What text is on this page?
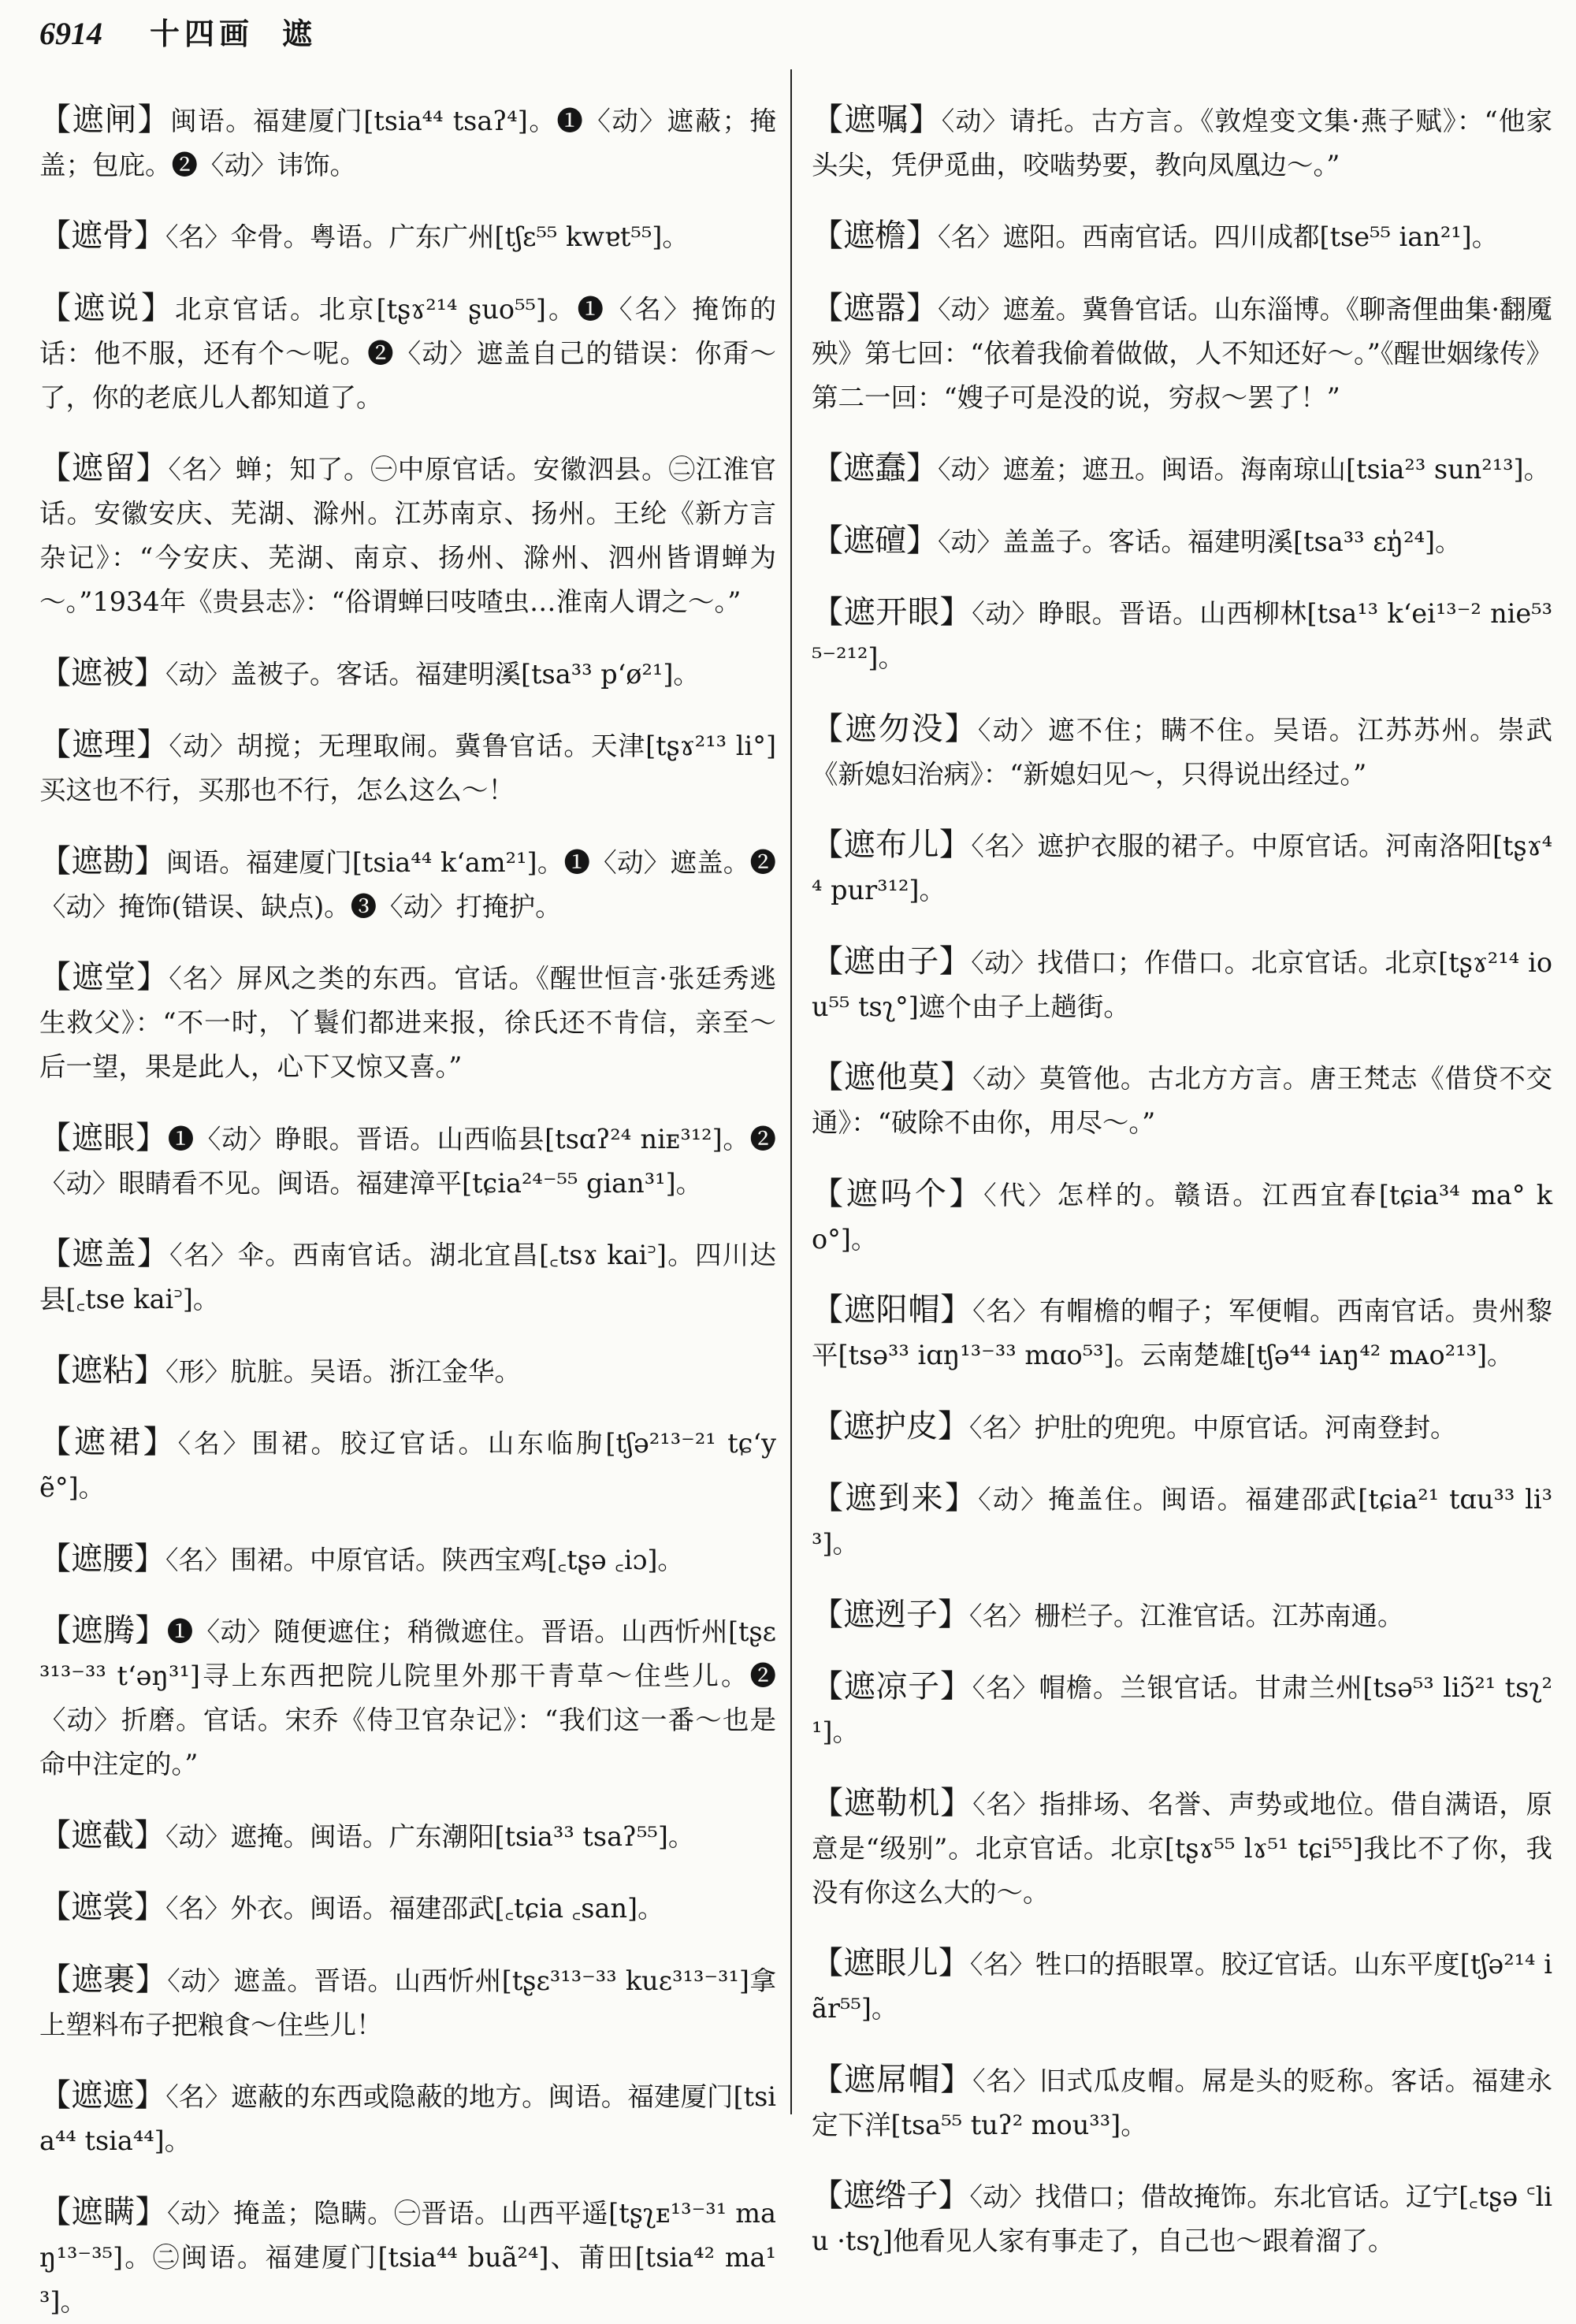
6914	十四画 遮

【遮闸】闽语。福建厦门[tsia⁴⁴ tsaʔ⁴]。❶〈动〉遮蔽；掩盖；包庇。❷〈动〉讳饰。

【遮骨】〈名〉伞骨。粤语。广东广州[tʃɛ⁵⁵ kwɐt⁵⁵]。

【遮说】北京官话。北京[tʂɤ²¹⁴ ʂuo⁵⁵]。❶〈名〉掩饰的话：他不服，还有个～呢。❷〈动〉遮盖自己的错误：你甭～了，你的老底儿人都知道了。

【遮留】〈名〉蝉；知了。㊀中原官话。安徽泗县。㊁江淮官话。安徽安庆、芜湖、滁州。江苏南京、扬州。王纶《新方言杂记》：“今安庆、芜湖、南京、扬州、滁州、泗州皆谓蝉为～。”1934年《贵县志》：“俗谓蝉曰吱喳虫…淮南人谓之～。”

【遮被】〈动〉盖被子。客话。福建明溪[tsa³³ pʻø²¹]。

【遮理】〈动〉胡搅；无理取闹。冀鲁官话。天津[tʂɤ²¹³ li°]买这也不行，买那也不行，怎么这么～！

【遮勘】闽语。福建厦门[tsia⁴⁴ kʻam²¹]。❶〈动〉遮盖。❷〈动〉掩饰(错误、缺点)。❸〈动〉打掩护。

【遮堂】〈名〉屏风之类的东西。官话。《醒世恒言·张廷秀逃生救父》：“不一时，丫鬟们都进来报，徐氏还不肯信，亲至～后一望，果是此人，心下又惊又喜。”

【遮眼】❶〈动〉睁眼。晋语。山西临县[tsɑʔ²⁴ niᴇ³¹²]。❷〈动〉眼睛看不见。闽语。福建漳平[tɕia²⁴⁻⁵⁵ gian³¹]。

【遮盖】〈名〉伞。西南官话。湖北宜昌[꜀tsɤ kai꜄]。四川达县[꜀tse kai꜄]。

【遮粘】〈形〉肮脏。吴语。浙江金华。

【遮裙】〈名〉围裙。胶辽官话。山东临朐[tʃə²¹³⁻²¹ tɕʻyẽ°]。

【遮腰】〈名〉围裙。中原官话。陕西宝鸡[꜀tʂə ꜀iɔ]。

【遮腾】❶〈动〉随便遮住；稍微遮住。晋语。山西忻州[tʂɛ³¹³⁻³³ tʻəŋ³¹]寻上东西把院儿院里外那干青草～住些儿。❷〈动〉折磨。官话。宋乔《侍卫官杂记》：“我们这一番～也是命中注定的。”

【遮截】〈动〉遮掩。闽语。广东潮阳[tsia³³ tsaʔ⁵⁵]。

【遮裳】〈名〉外衣。闽语。福建邵武[꜀tɕia ꜀san]。

【遮裹】〈动〉遮盖。晋语。山西忻州[tʂɛ³¹³⁻³³ kuɛ³¹³⁻³¹]拿上塑料布子把粮食～住些儿！

【遮遮】〈名〉遮蔽的东西或隐蔽的地方。闽语。福建厦门[tsia⁴⁴ tsia⁴⁴]。

【遮瞒】〈动〉掩盖；隐瞒。㊀晋语。山西平遥[tʂʅᴇ¹³⁻³¹ maŋ¹³⁻³⁵]。㊁闽语。福建厦门[tsia⁴⁴ buã²⁴]、莆田[tsia⁴² ma¹³]。

【遮嘱】〈动〉请托。古方言。《敦煌变文集·燕子赋》：“他家头尖，凭伊觅曲，咬啮势要，教向凤凰边～。”

【遮檐】〈名〉遮阳。西南官话。四川成都[tse⁵⁵ ian²¹]。

【遮嚣】〈动〉遮羞。冀鲁官话。山东淄博。《聊斋俚曲集·翻魇殃》第七回：“依着我偷着做做，人不知还好～。”《醒世姻缘传》第二一回：“嫂子可是没的说，穷叔～罢了！”

【遮蠢】〈动〉遮羞；遮丑。闽语。海南琼山[tsia²³ sun²¹³]。

【遮䃪】〈动〉盖盖子。客话。福建明溪[tsa³³ ɛŋ̍²⁴]。

【遮开眼】〈动〉睁眼。晋语。山西柳林[tsa¹³ kʻei¹³⁻² nie⁵³⁵⁻²¹²]。

【遮勿没】〈动〉遮不住；瞒不住。吴语。江苏苏州。崇武《新媳妇治病》：“新媳妇见～，只得说出经过。”

【遮布儿】〈名〉遮护衣服的裙子。中原官话。河南洛阳[tʂɤ⁴⁴ pur³¹²]。

【遮由子】〈动〉找借口；作借口。北京官话。北京[tʂɤ²¹⁴ iou⁵⁵ tsʅ°]遮个由子上趟街。

【遮他莫】〈动〉莫管他。古北方方言。唐王梵志《借贷不交通》：“破除不由你，用尽～。”

【遮吗个】〈代〉怎样的。赣语。江西宜春[tɕia³⁴ ma° ko°]。

【遮阳帽】〈名〉有帽檐的帽子；军便帽。西南官话。贵州黎平[tsə³³ iɑŋ¹³⁻³³ mɑo⁵³]。云南楚雄[tʃə⁴⁴ iᴀŋ⁴² mᴀo²¹³]。

【遮护皮】〈名〉护肚的兜兜。中原官话。河南登封。

【遮到来】〈动〉掩盖住。闽语。福建邵武[tɕia²¹ tɑu³³ li³³]。

【遮迾子】〈名〉栅栏子。江淮官话。江苏南通。

【遮凉子】〈名〉帽檐。兰银官话。甘肃兰州[tsə⁵³ liɔ̃²¹ tsʅ²¹]。

【遮勒机】〈名〉指排场、名誉、声势或地位。借自满语，原意是“级别”。北京官话。北京[tʂɤ⁵⁵ lɤ⁵¹ tɕi⁵⁵]我比不了你，我没有你这么大的～。

【遮眼儿】〈名〉牲口的捂眼罩。胶辽官话。山东平度[tʃə²¹⁴ iãr⁵⁵]。

【遮屌帽】〈名〉旧式瓜皮帽。屌是头的贬称。客话。福建永定下洋[tsa⁵⁵ tuʔ² mou³³]。

【遮绺子】〈动〉找借口；借故掩饰。东北官话。辽宁[꜀tʂə ꜂liu ·tsʅ]他看见人家有事走了，自己也～跟着溜了。
